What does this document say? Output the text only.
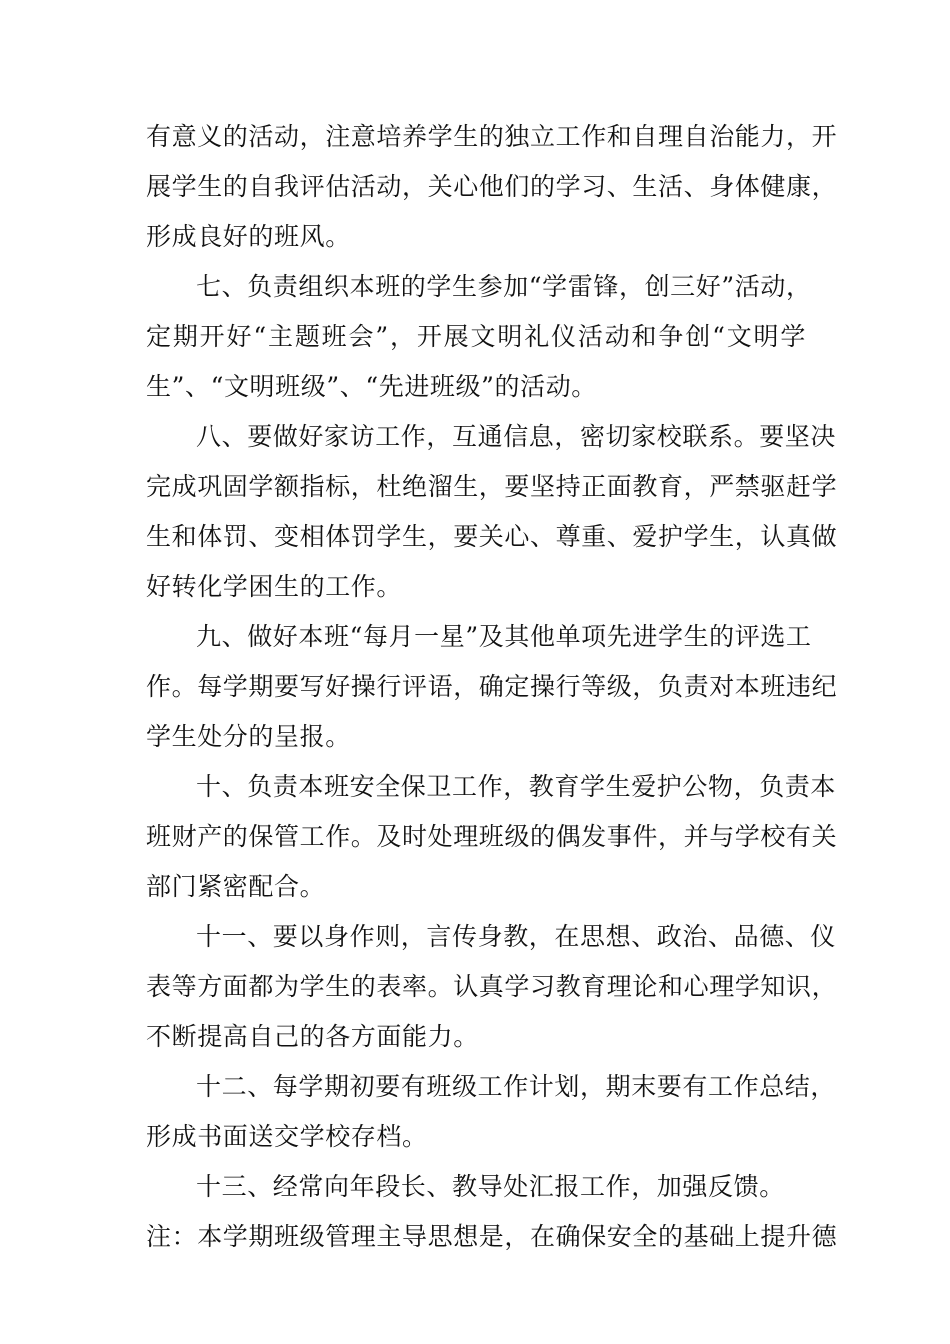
有意义的活动，注意培养学生的独立工作和自理自治能力，开
展学生的自我评估活动，关心他们的学习、生活、身体健康，
形成良好的班风。
七、负责组织本班的学生参加“学雷锋，创三好”活动，
定期开好“主题班会”，开展文明礼仪活动和争创“文明学
生”、“文明班级”、“先进班级”的活动。
八、要做好家访工作，互通信息，密切家校联系。要坚决
完成巩固学额指标，杜绝溜生，要坚持正面教育，严禁驱赶学
生和体罚、变相体罚学生，要关心、尊重、爱护学生，认真做
好转化学困生的工作。
九、做好本班“每月一星”及其他单项先进学生的评选工
作。每学期要写好操行评语，确定操行等级，负责对本班违纪
学生处分的呈报。
十、负责本班安全保卫工作，教育学生爱护公物，负责本
班财产的保管工作。及时处理班级的偶发事件，并与学校有关
部门紧密配合。
十一、要以身作则，言传身教，在思想、政治、品德、仪
表等方面都为学生的表率。认真学习教育理论和心理学知识，
不断提高自己的各方面能力。
十二、每学期初要有班级工作计划，期末要有工作总结，
形成书面送交学校存档。
十三、经常向年段长、教导处汇报工作，加强反馈。
注：本学期班级管理主导思想是，在确保安全的基础上提升德
